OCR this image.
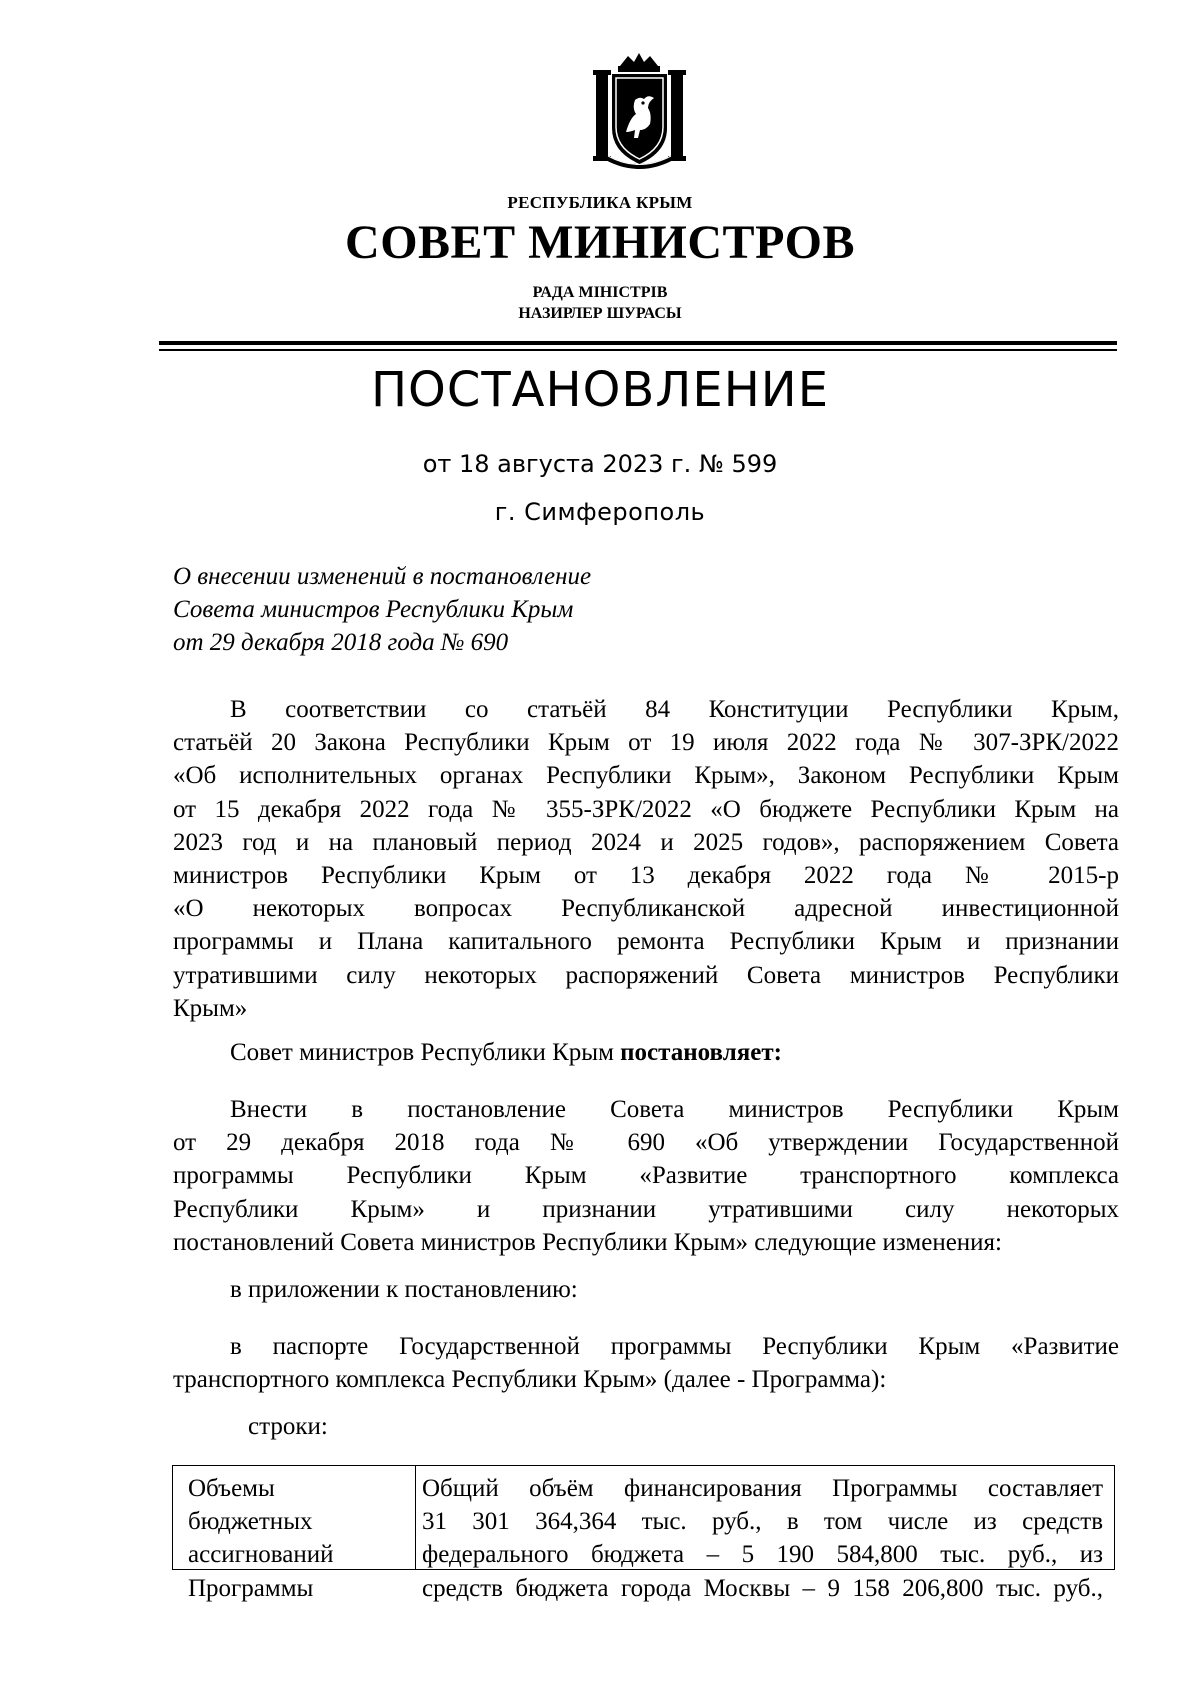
РЕСПУБЛИКА КРЫМ
СОВЕТ МИНИСТРОВ
РАДА МІНІСТРІВ
НАЗИРЛЕР ШУРАСЫ
ПОСТАНОВЛЕНИЕ
от 18 августа 2023 г. № 599
г. Симферополь
О внесении изменений в постановление
Совета министров Республики Крым
от 29 декабря 2018 года № 690
В соответствии со статьёй 84 Конституции Республики Крым,
статьёй 20 Закона Республики Крым от 19 июля 2022 года № 307-ЗРК/2022
«Об исполнительных органах Республики Крым», Законом Республики Крым
от 15 декабря 2022 года № 355-ЗРК/2022 «О бюджете Республики Крым на
2023 год и на плановый период 2024 и 2025 годов», распоряжением Совета
министров Республики Крым от 13 декабря 2022 года № 2015-р
«О некоторых вопросах Республиканской адресной инвестиционной
программы и Плана капитального ремонта Республики Крым и признании
утратившими силу некоторых распоряжений Совета министров Республики
Крым»
Совет министров Республики Крым постановляет:
Внести в постановление Совета министров Республики Крым
от 29 декабря 2018 года № 690 «Об утверждении Государственной
программы Республики Крым «Развитие транспортного комплекса
Республики Крым» и признании утратившими силу некоторых
постановлений Совета министров Республики Крым» следующие изменения:
в приложении к постановлению:
в паспорте Государственной программы Республики Крым «Развитие
транспортного комплекса Республики Крым» (далее - Программа):
строки:
Объемы
бюджетных
ассигнований
Программы
Общий объём финансирования Программы составляет
31 301 364,364 тыс. руб., в том числе из средств
федерального бюджета – 5 190 584,800 тыс. руб., из
средств бюджета города Москвы – 9 158 206,800 тыс. руб.,
